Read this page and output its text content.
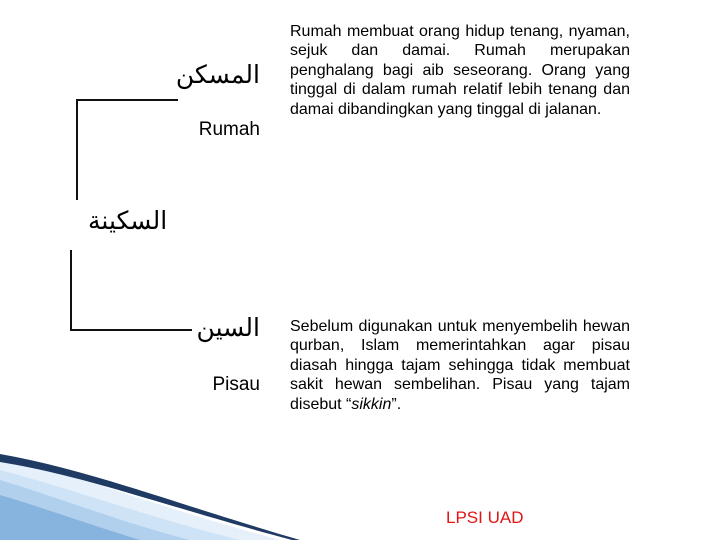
السكينة
المسكن
Rumah

Rumah membuat orang hidup tenang, nyaman, sejuk dan damai. Rumah merupakan penghalang bagi aib seseorang. Orang yang tinggal di dalam rumah relatif lebih tenang dan damai dibandingkan yang tinggal di jalanan.

السين
Pisau

Sebelum digunakan untuk menyembelih hewan qurban, Islam memerintahkan agar pisau diasah hingga tajam sehingga tidak membuat sakit hewan sembelihan. Pisau yang tajam disebut “sikkin”.

LPSI UAD
